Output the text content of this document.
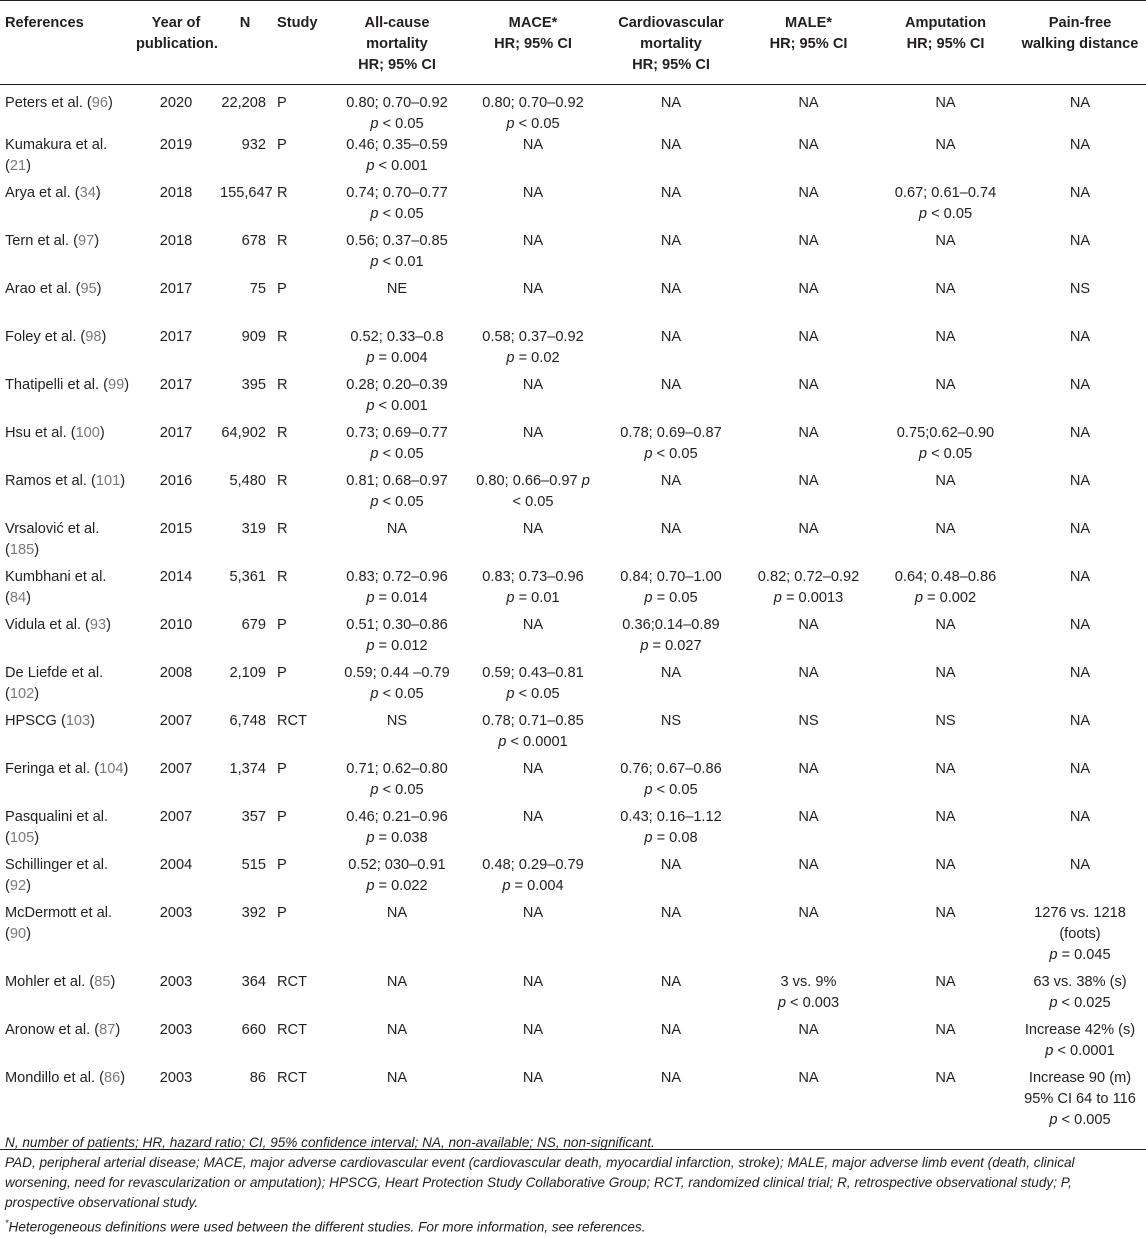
References	Year of
publication.	N	Study	All-cause
mortality
HR; 95% CI	MACE*
HR; 95% CI	Cardiovascular
mortality
HR; 95% CI	MALE*
HR; 95% CI	Amputation
HR; 95% CI	Pain-free
walking distance
Peters et al. (96)	2020	22,208	P	0.80; 0.70–0.92
p < 0.05	0.80; 0.70–0.92
p < 0.05	NA	NA	NA	NA

Kumakura et al. (21)	2019	932	P	0.46; 0.35–0.59
p < 0.001	NA	NA	NA	NA	NA

Arya et al. (34)	2018	155,647	R	0.74; 0.70–0.77
p < 0.05	NA	NA	NA	0.67; 0.61–0.74
p < 0.05	NA

Tern et al. (97)	2018	678	R	0.56; 0.37–0.85
p < 0.01	NA	NA	NA	NA	NA

Arao et al. (95)	2017	75	P	NE	NA	NA	NA	NA	NS

Foley et al. (98)	2017	909	R	0.52; 0.33–0.8
p = 0.004	0.58; 0.37–0.92
p = 0.02	NA	NA	NA	NA

Thatipelli et al. (99)	2017	395	R	0.28; 0.20–0.39
p < 0.001	NA	NA	NA	NA	NA

Hsu et al. (100)	2017	64,902	R	0.73; 0.69–0.77
p < 0.05	NA	0.78; 0.69–0.87
p < 0.05	NA	0.75;0.62–0.90
p < 0.05	NA

Ramos et al. (101)	2016	5,480	R	0.81; 0.68–0.97
p < 0.05	0.80; 0.66–0.97 p
< 0.05	NA	NA	NA	NA

Vrsalović et al. (185)	2015	319	R	NA	NA	NA	NA	NA	NA

Kumbhani et al. (84)	2014	5,361	R	0.83; 0.72–0.96
p = 0.014	0.83; 0.73–0.96
p = 0.01	0.84; 0.70–1.00
p = 0.05	0.82; 0.72–0.92
p = 0.0013	0.64; 0.48–0.86
p = 0.002	NA

Vidula et al. (93)	2010	679	P	0.51; 0.30–0.86
p = 0.012	NA	0.36;0.14–0.89
p = 0.027	NA	NA	NA

De Liefde et al. (102)	2008	2,109	P	0.59; 0.44 –0.79
p < 0.05	0.59; 0.43–0.81
p < 0.05	NA	NA	NA	NA

HPSCG (103)	2007	6,748	RCT	NS	0.78; 0.71–0.85
p < 0.0001	NS	NS	NS	NA

Feringa et al. (104)	2007	1,374	P	0.71; 0.62–0.80
p < 0.05	NA	0.76; 0.67–0.86
p < 0.05	NA	NA	NA

Pasqualini et al. (105)	2007	357	P	0.46; 0.21–0.96
p = 0.038	NA	0.43; 0.16–1.12
p = 0.08	NA	NA	NA

Schillinger et al. (92)	2004	515	P	0.52; 030–0.91
p = 0.022	0.48; 0.29–0.79
p = 0.004	NA	NA	NA	NA

McDermott et al. (90)	2003	392	P	NA	NA	NA	NA	NA	1276 vs. 1218
(foots)
p = 0.045

Mohler et al. (85)	2003	364	RCT	NA	NA	NA	3 vs. 9%
p < 0.003	NA	63 vs. 38% (s)
p < 0.025

Aronow et al. (87)	2003	660	RCT	NA	NA	NA	NA	NA	Increase 42% (s)
p < 0.0001

Mondillo et al. (86)	2003	86	RCT	NA	NA	NA	NA	NA	Increase 90 (m)
95% CI 64 to 116
p < 0.005

N, number of patients; HR, hazard ratio; CI, 95% confidence interval; NA, non-available; NS, non-significant.

PAD, peripheral arterial disease; MACE, major adverse cardiovascular event (cardiovascular death, myocardial infarction, stroke); MALE, major adverse limb event (death, clinical worsening, need for revascularization or amputation); HPSCG, Heart Protection Study Collaborative Group; RCT, randomized clinical trial; R, retrospective observational study; P, prospective observational study.

*Heterogeneous definitions were used between the different studies. For more information, see references.
